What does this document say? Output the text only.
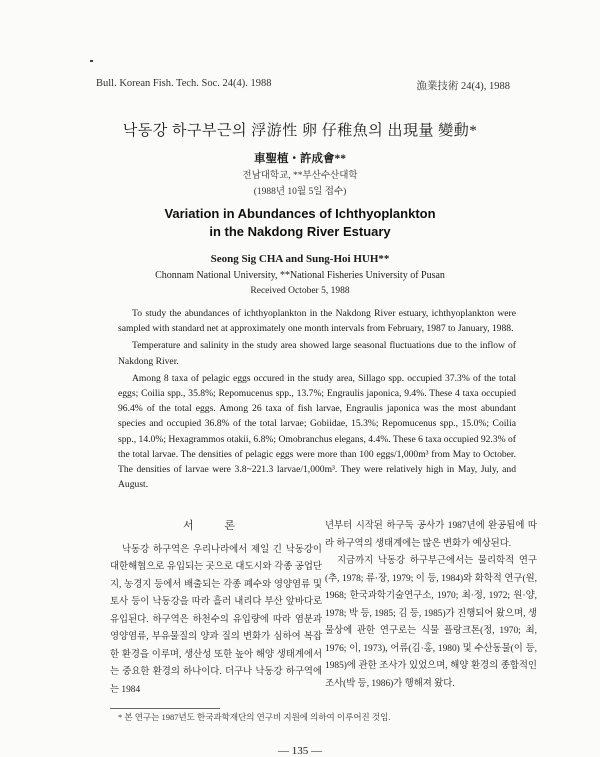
Bull. Korean Fish. Tech. Soc. 24(4). 1988	漁業技術 24(4), 1988
낙동강 하구부근의 浮游性 卵 仔稚魚의 出現量 變動*
車聖植・許成會**
전남대학교, **부산수산대학
(1988년 10월 5일 접수)
Variation in Abundances of Ichthyoplankton
in the Nakdong River Estuary
Seong Sig CHA and Sung-Hoi HUH**
Chonnam National University, **National Fisheries University of Pusan
Received October 5, 1988

To study the abundances of ichthyoplankton in the Nakdong River estuary, ichthyoplankton were sampled with standard net at approximately one month intervals from February, 1987 to January, 1988.

Temperature and salinity in the study area showed large seasonal fluctuations due to the inflow of Nakdong River.

Among 8 taxa of pelagic eggs occured in the study area, Sillago spp. occupied 37.3% of the total eggs; Coilia spp., 35.8%; Repomucenus spp., 13.7%; Engraulis japonica, 9.4%. These 4 taxa occupied 96.4% of the total eggs. Among 26 taxa of fish larvae, Engraulis japonica was the most abundant species and occupied 36.8% of the total larvae; Gobiidae, 15.3%; Repomucenus spp., 15.0%; Coilia spp., 14.0%; Hexagrammos otakii, 6.8%; Omobranchus elegans, 4.4%. These 6 taxa occupied 92.3% of the total larvae. The densities of pelagic eggs were more than 100 eggs/1,000m³ from May to October. The densities of larvae were 3.8~221.3 larvae/1,000m³. They were relatively high in May, July, and August.

서 론

낙동강 하구역은 우리나라에서 제일 긴 낙동강이 대한해협으로 유입되는 곳으로 대도시와 각종 공업단지, 농경지 등에서 배출되는 각종 폐수와 영양염류 및 토사 등이 낙동강을 따라 흘러 내리다 부산 앞바다로 유입된다. 하구역은 하천수의 유입량에 따라 염분과 영양염류, 부유물질의 양과 질의 변화가 심하여 복잡한 환경을 이루며, 생산성 또한 높아 해양 생태계에서는 중요한 환경의 하나이다. 더구나 낙동강 하구역에는 1984

년부터 시작된 하구둑 공사가 1987년에 완공됨에 따라 하구역의 생태계에는 많은 변화가 예상된다.

지금까지 낙동강 하구부근에서는 물리학적 연구(추, 1978; 류·장, 1979; 이 등, 1984)와 화학적 연구(원, 1968; 한국과학기술연구소, 1970; 최·정, 1972; 원·양, 1978; 박 등, 1985; 김 등, 1985)가 진행되어 왔으며, 생물상에 관한 연구로는 식물 플랑크톤(정, 1970; 최, 1976; 이, 1973), 어류(김·홍, 1980) 및 수산동물(이 등, 1985)에 관한 조사가 있었으며, 해양 환경의 종합적인 조사(박 등, 1986)가 행해져 왔다.

* 본 연구는 1987년도 한국과학재단의 연구비 지원에 의하여 이루어진 것임.
— 135 —
